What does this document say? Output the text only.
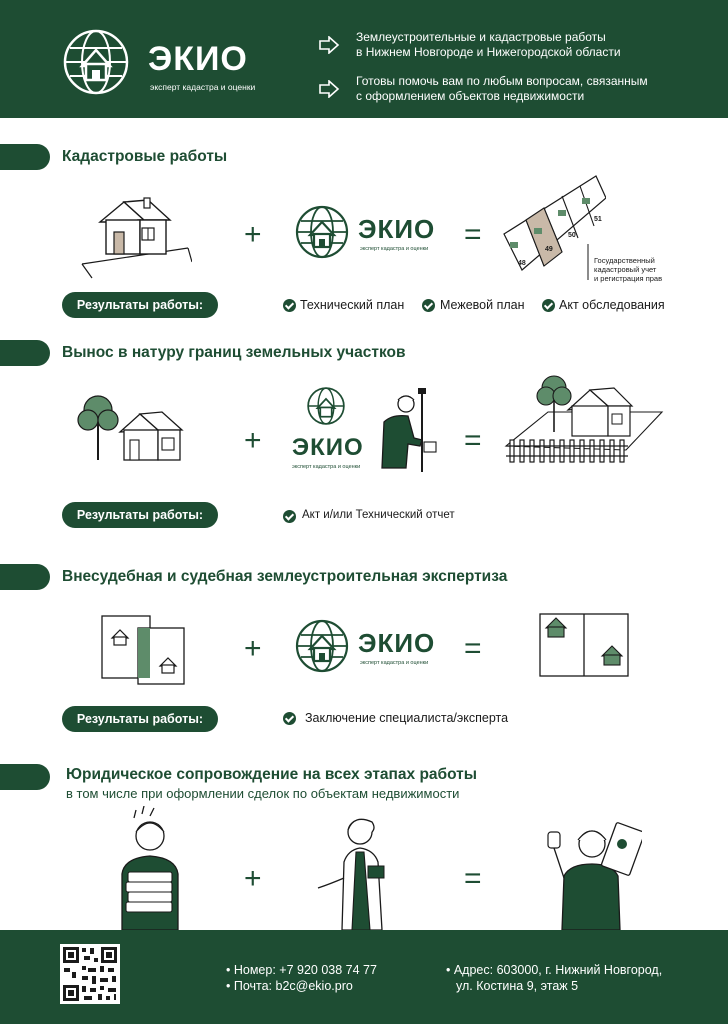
ЭКИО
эксперт кадастра и оценки
Землеустроительные и кадастровые работы
в Нижнем Новгороде и Нижегородской области
Готовы помочь вам по любым вопросам, связанным
с оформлением объектов недвижимости
Кадастровые работы
+	ЭКИО
эксперт кадастра и оценки =
48
49
50
51
Государственный
кадастровый учет
и регистрация прав
Результаты работы:	Технический план	Межевой план	Акт обследования
Вынос в натуру границ земельных участков
+ ЭКИО
эксперт кадастра и оценки
=
Результаты работы:	Акт и/или Технический отчет
Внесудебная и судебная землеустроительная экспертиза
+	ЭКИО
эксперт кадастра и оценки =
Результаты работы:	Заключение специалиста/эксперта
Юридическое сопровождение на всех этапах работы
в том числе при оформлении сделок по объектам недвижимости
+	=
• Номер: +7 920 038 74 77
• Почта: b2c@ekio.pro
• Адрес: 603000, г. Нижний Новгород,
ул. Костина 9, этаж 5
